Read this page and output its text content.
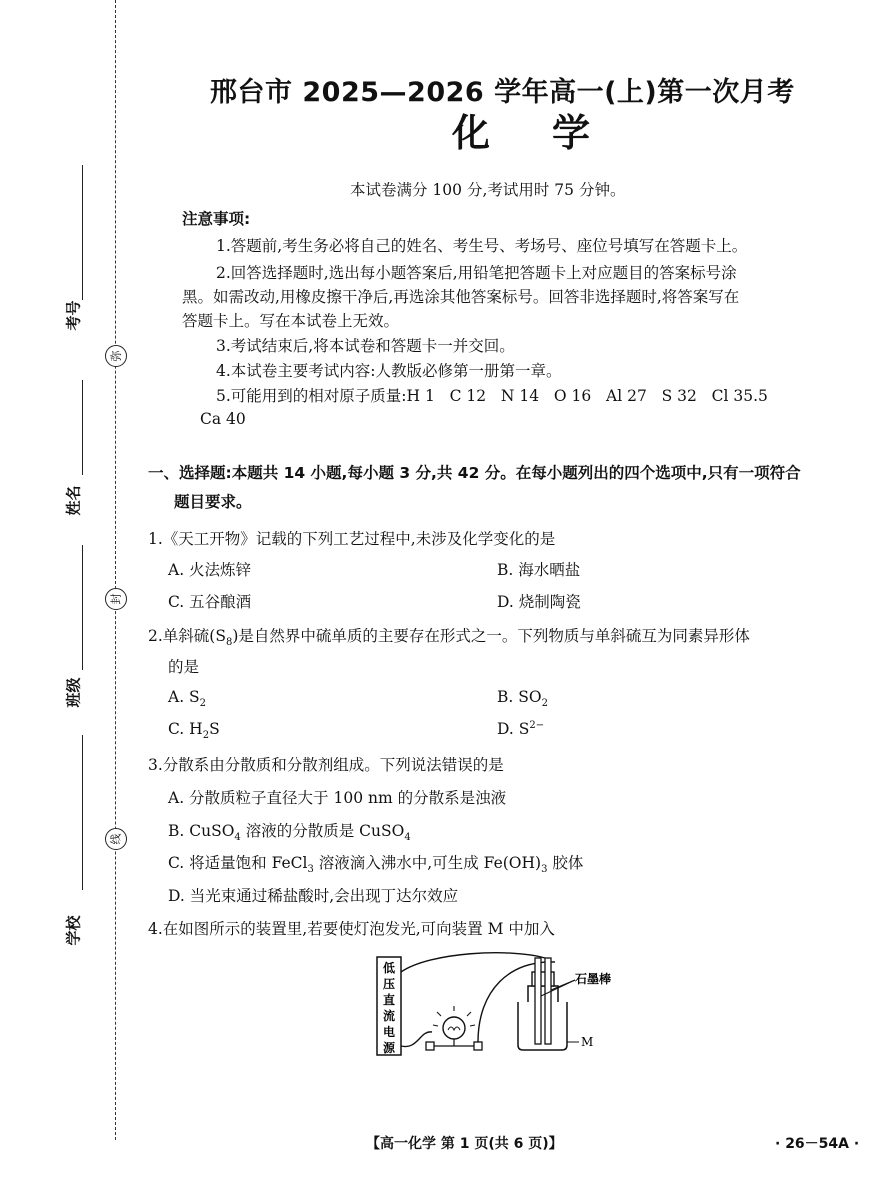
考号
姓名
班级
学校
弥
封
线
邢台市 2025—2026 学年高一(上)第一次月考
化学
本试卷满分 100 分,考试用时 75 分钟。
注意事项:
1.答题前,考生务必将自己的姓名、考生号、考场号、座位号填写在答题卡上。
2.回答选择题时,选出每小题答案后,用铅笔把答题卡上对应题目的答案标号涂
黑。如需改动,用橡皮擦干净后,再选涂其他答案标号。回答非选择题时,将答案写在
答题卡上。写在本试卷上无效。
3.考试结束后,将本试卷和答题卡一并交回。
4.本试卷主要考试内容:人教版必修第一册第一章。
5.可能用到的相对原子质量:H 1   C 12   N 14   O 16   Al 27   S 32   Cl 35.5
Ca 40
一、选择题:本题共 14 小题,每小题 3 分,共 42 分。在每小题列出的四个选项中,只有一项符合
题目要求。
1.《天工开物》记载的下列工艺过程中,未涉及化学变化的是
A. 火法炼锌	B. 海水晒盐
C. 五谷酿酒	D. 烧制陶瓷
2.单斜硫$(S_8)$是自然界中硫单质的主要存在形式之一。下列物质与单斜硫互为同素异形体
的是
A. $S_2$	B. $SO_2$
C. $H_2S$	D. $S^{2-}$
3.分散系由分散质和分散剂组成。下列说法错误的是
A. 分散质粒子直径大于 100 nm 的分散系是浊液
B. CuSO$_4$ 溶液的分散质是 CuSO$_4$
C. 将适量饱和 FeCl$_3$ 溶液滴入沸水中,可生成 $Fe(OH)_3$ 胶体
D. 当光束通过稀盐酸时,会出现丁达尔效应
4.在如图所示的装置里,若要使灯泡发光,可向装置 M 中加入
低
压
直
流
电
源
石墨棒
M
【高一化学 第 1 页(共 6 页)】	· 26－54A ·
